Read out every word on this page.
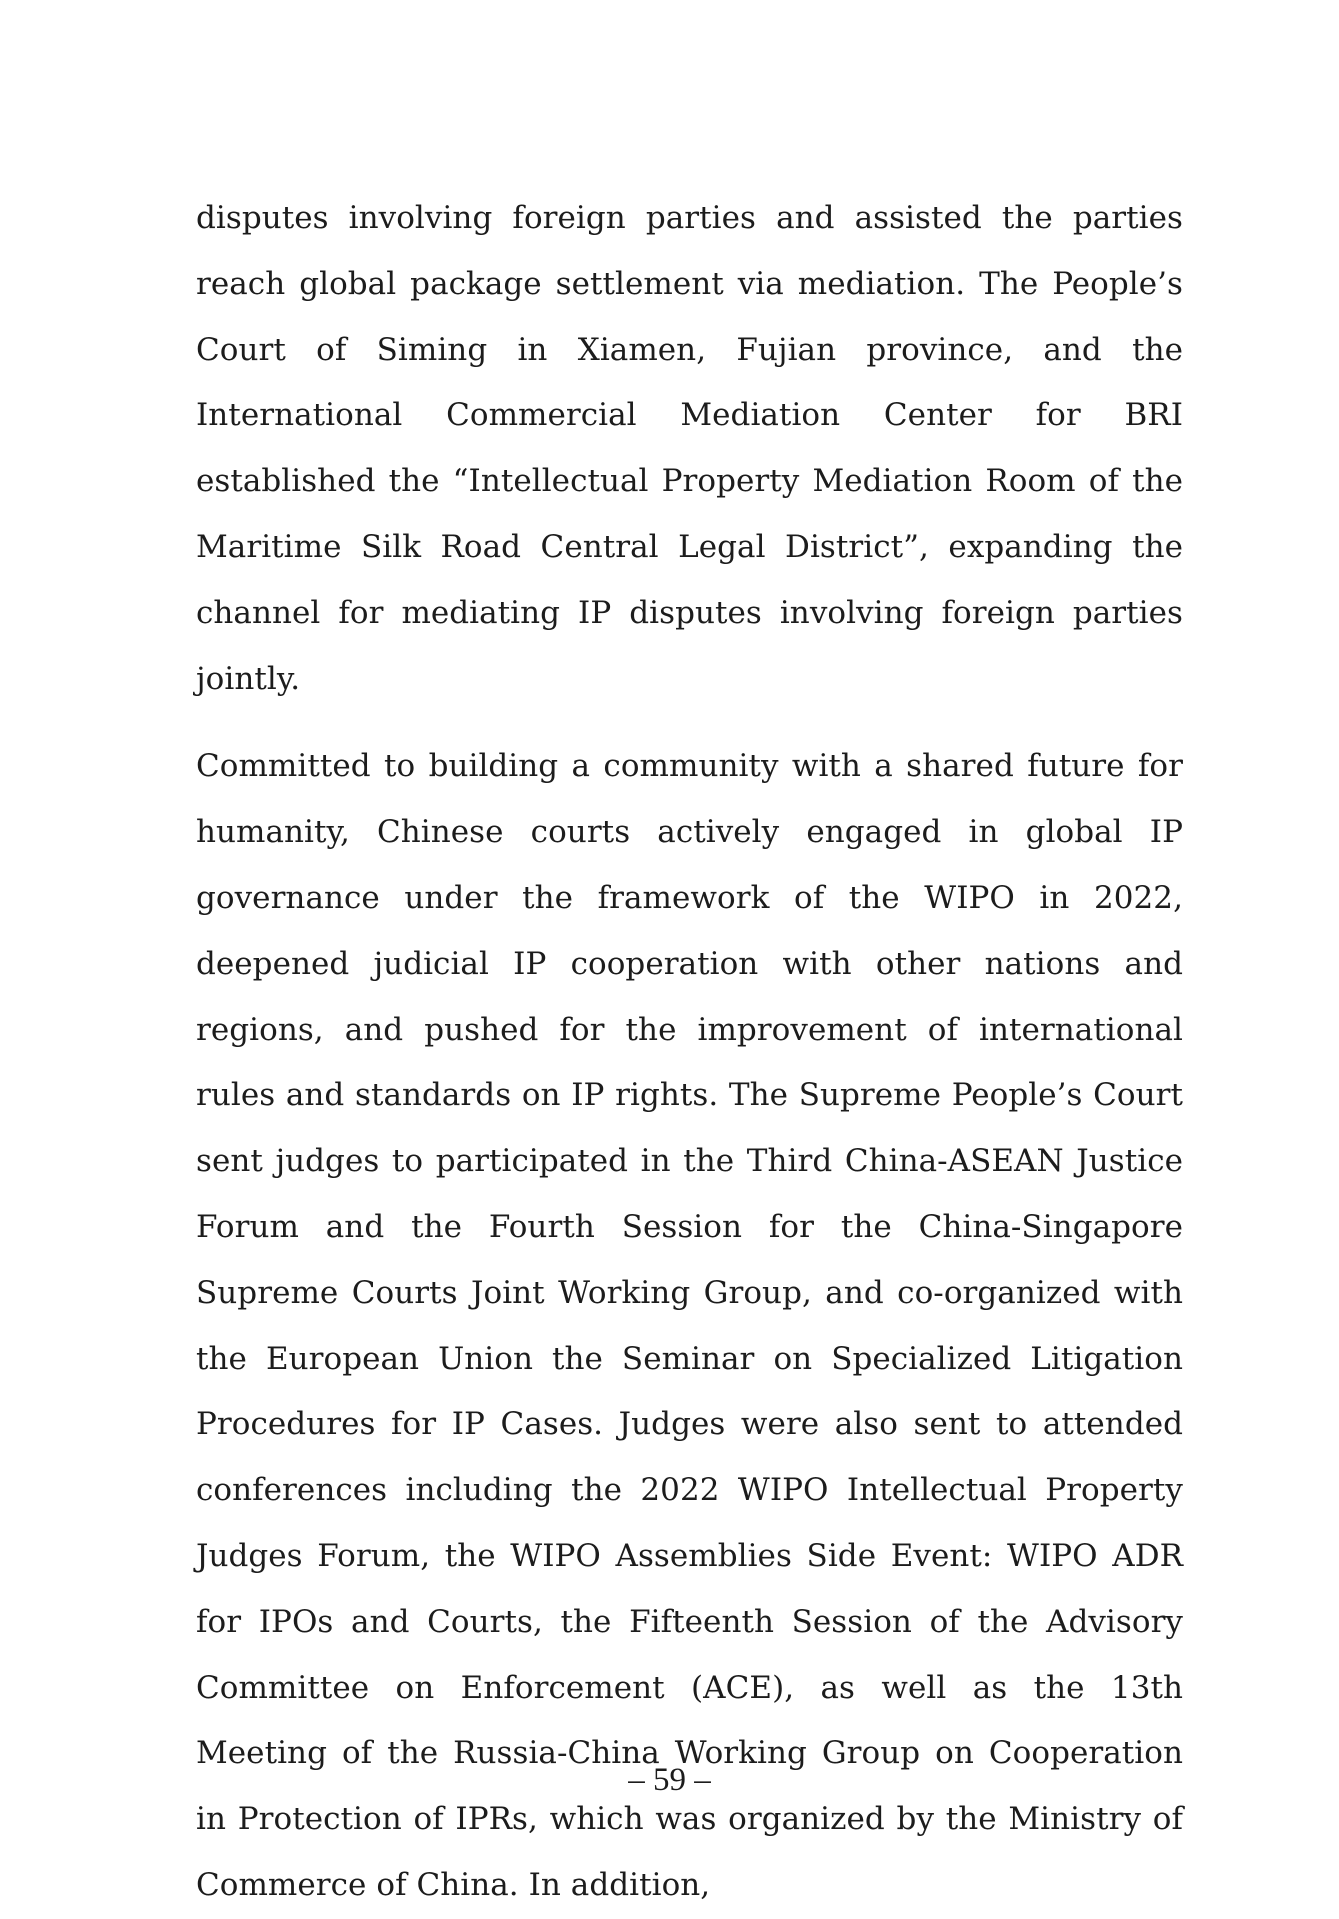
disputes involving foreign parties and assisted the parties reach global package settlement via mediation. The People’s Court of Siming in Xiamen, Fujian province, and the International Commercial Mediation Center for BRI established the “Intellectual Property Mediation Room of the Maritime Silk Road Central Legal District”, expanding the channel for mediating IP disputes involving foreign parties jointly.

Committed to building a community with a shared future for humanity, Chinese courts actively engaged in global IP governance under the framework of the WIPO in 2022, deepened judicial IP cooperation with other nations and regions, and pushed for the improvement of international rules and standards on IP rights. The Supreme People’s Court sent judges to participated in the Third China-ASEAN Justice Forum and the Fourth Session for the China-Singapore Supreme Courts Joint Working Group, and co-organized with the European Union the Seminar on Specialized Litigation Procedures for IP Cases. Judges were also sent to attended conferences including the 2022 WIPO Intellectual Property Judges Forum, the WIPO Assemblies Side Event: WIPO ADR for IPOs and Courts, the Fifteenth Session of the Advisory Committee on Enforcement (ACE), as well as the 13th Meeting of the Russia-China Working Group on Cooperation in Protection of IPRs, which was organized by the Ministry of Commerce of China. In addition,

– 59 –
